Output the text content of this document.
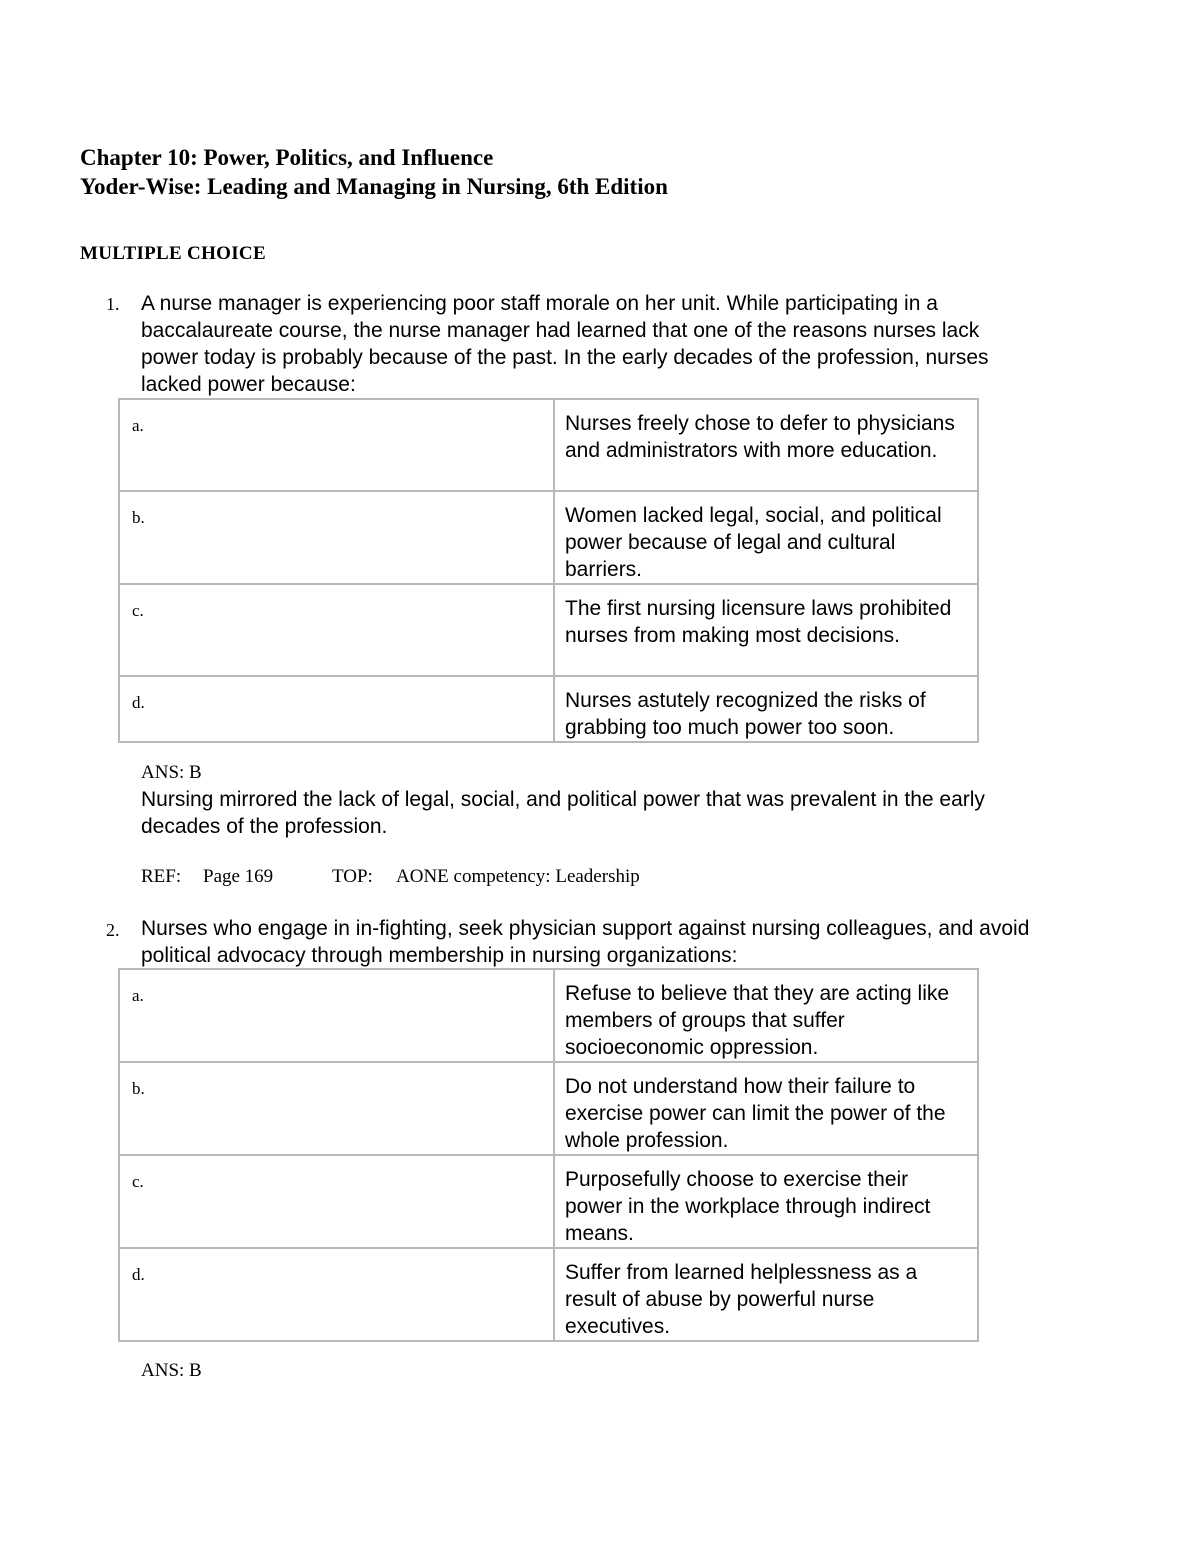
Chapter 10: Power, Politics, and Influence
Yoder-Wise: Leading and Managing in Nursing, 6th Edition
MULTIPLE CHOICE
1. A nurse manager is experiencing poor staff morale on her unit. While participating in a baccalaureate course, the nurse manager had learned that one of the reasons nurses lack power today is probably because of the past. In the early decades of the profession, nurses lacked power because:
a.	Nurses freely chose to defer to physicians and administrators with more education.

b.	Women lacked legal, social, and political power because of legal and cultural barriers.

c.	The first nursing licensure laws prohibited nurses from making most decisions.

d.	Nurses astutely recognized the risks of grabbing too much power too soon.
ANS: B
Nursing mirrored the lack of legal, social, and political power that was prevalent in the early decades of the profession.
REF: Page 169	TOP: AONE competency: Leadership
2. Nurses who engage in in-fighting, seek physician support against nursing colleagues, and avoid political advocacy through membership in nursing organizations:
a.	Refuse to believe that they are acting like members of groups that suffer socioeconomic oppression.

b.	Do not understand how their failure to exercise power can limit the power of the whole profession.

c.	Purposefully choose to exercise their power in the workplace through indirect means.

d.	Suffer from learned helplessness as a result of abuse by powerful nurse executives.
ANS: B
